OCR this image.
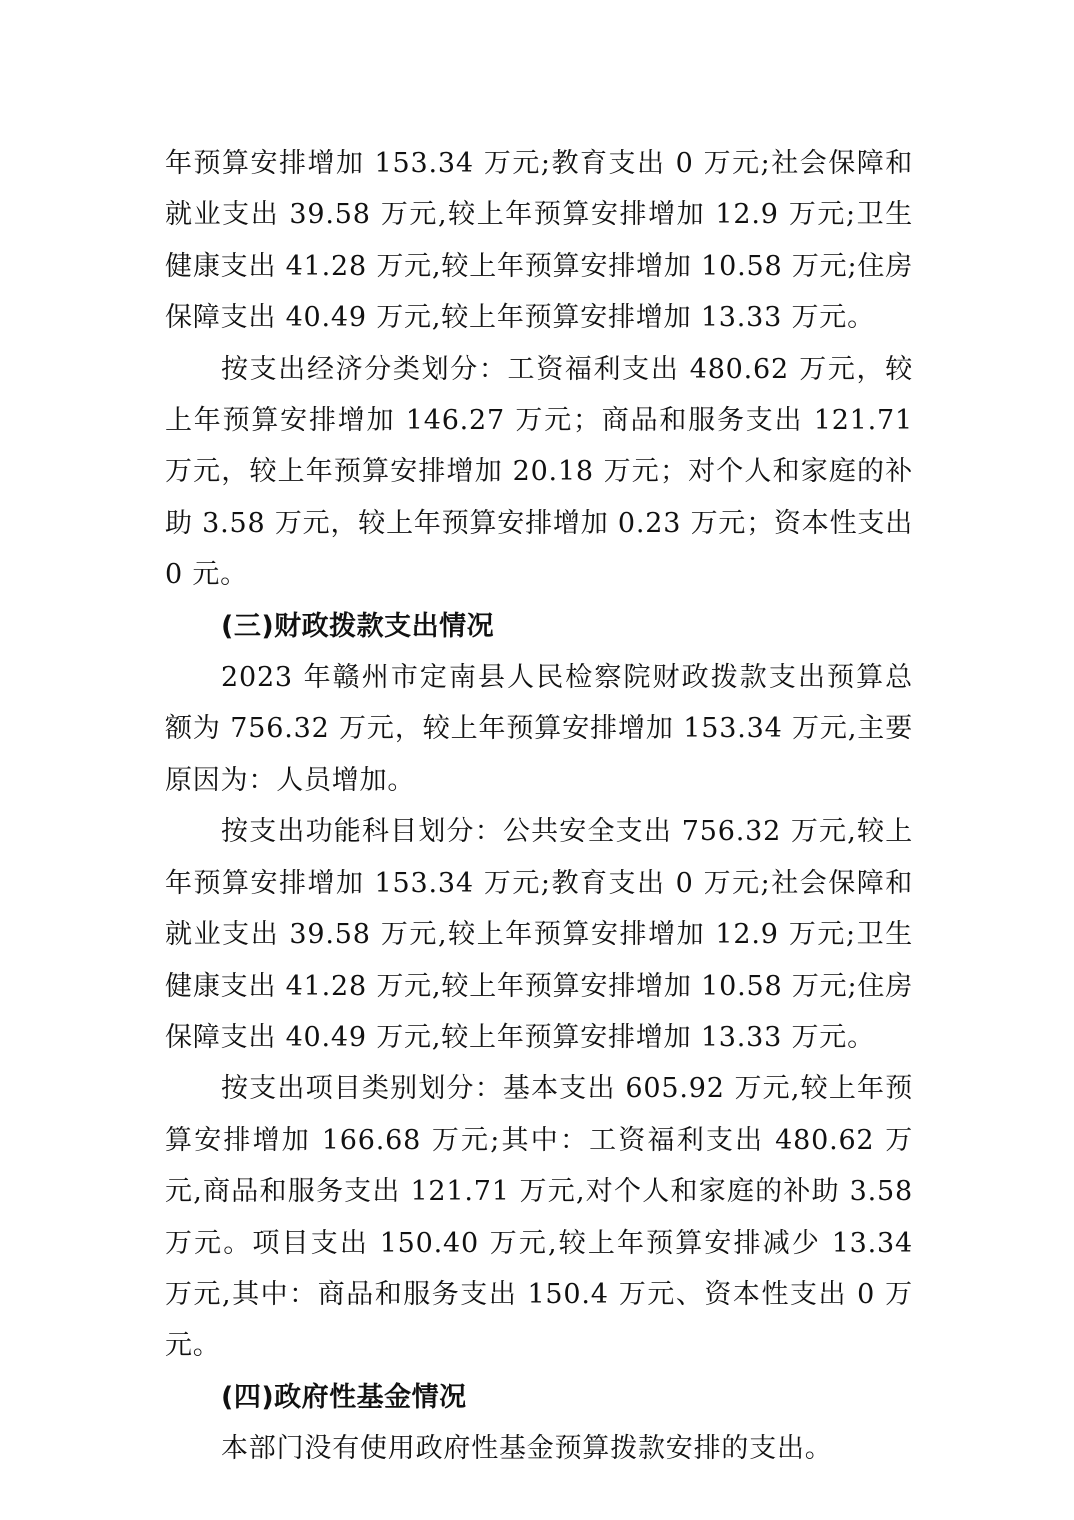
年预算安排增加 153.34 万元;教育支出 0 万元;社会保障和就业支出 39.58 万元,较上年预算安排增加 12.9 万元;卫生健康支出 41.28 万元,较上年预算安排增加 10.58 万元;住房保障支出 40.49 万元,较上年预算安排增加 13.33 万元。

按支出经济分类划分：工资福利支出 480.62 万元，较上年预算安排增加 146.27 万元；商品和服务支出 121.71 万元，较上年预算安排增加 20.18 万元；对个人和家庭的补助 3.58 万元，较上年预算安排增加 0.23 万元；资本性支出 0 元。

(三)财政拨款支出情况

2023 年赣州市定南县人民检察院财政拨款支出预算总额为 756.32 万元，较上年预算安排增加 153.34 万元,主要原因为：人员增加。

按支出功能科目划分：公共安全支出 756.32 万元,较上年预算安排增加 153.34 万元;教育支出 0 万元;社会保障和就业支出 39.58 万元,较上年预算安排增加 12.9 万元;卫生健康支出 41.28 万元,较上年预算安排增加 10.58 万元;住房保障支出 40.49 万元,较上年预算安排增加 13.33 万元。

按支出项目类别划分：基本支出 605.92 万元,较上年预算安排增加 166.68 万元;其中：工资福利支出 480.62 万元,商品和服务支出 121.71 万元,对个人和家庭的补助 3.58 万元。项目支出 150.40 万元,较上年预算安排减少 13.34 万元,其中：商品和服务支出 150.4 万元、资本性支出 0 万元。

(四)政府性基金情况

本部门没有使用政府性基金预算拨款安排的支出。
